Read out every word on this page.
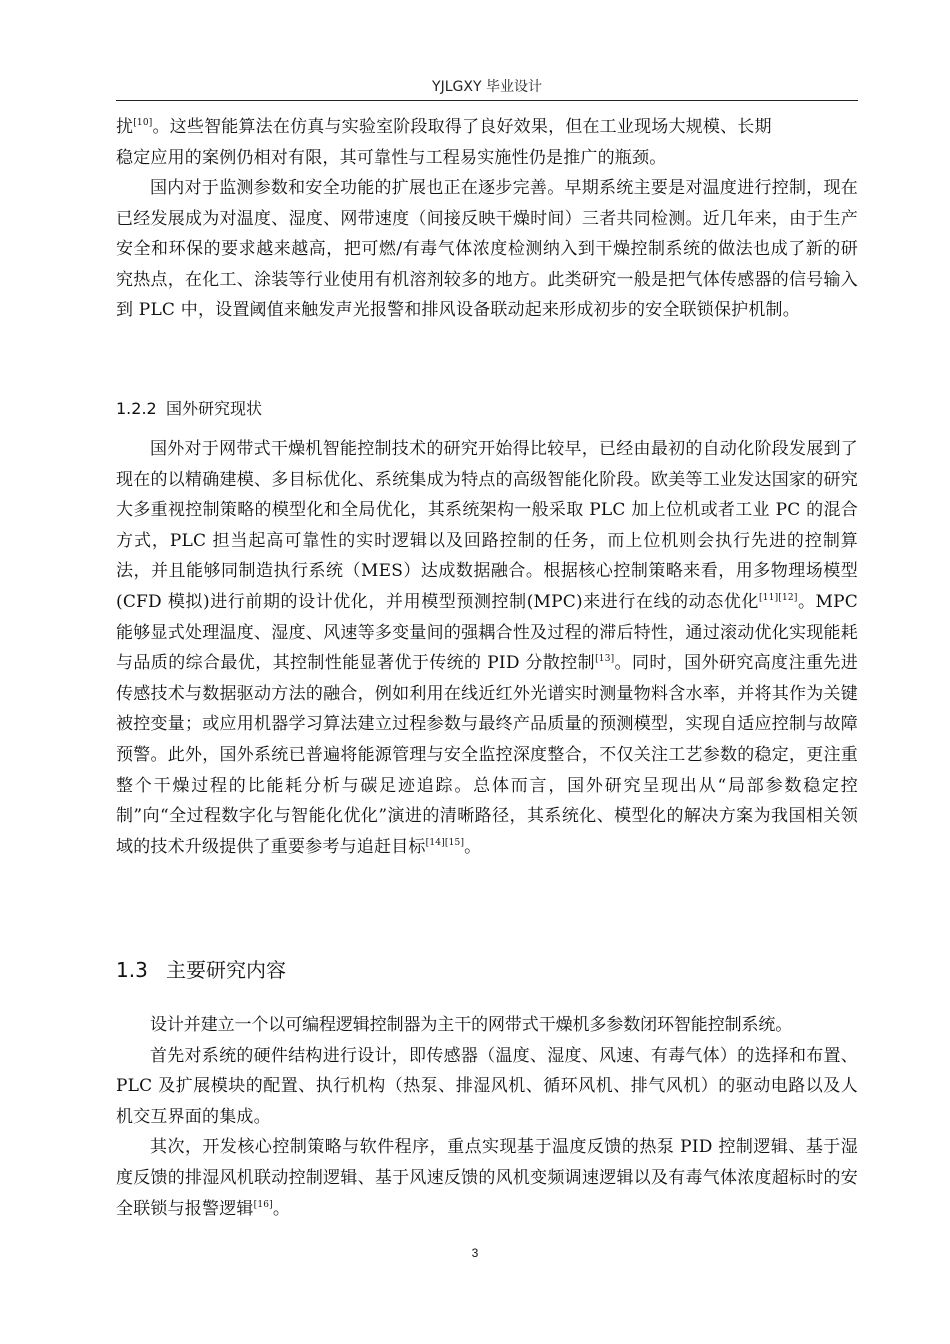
YJLGXY 毕业设计

扰[10]。这些智能算法在仿真与实验室阶段取得了良好效果，但在工业现场大规模、长期

稳定应用的案例仍相对有限，其可靠性与工程易实施性仍是推广的瓶颈。

国内对于监测参数和安全功能的扩展也正在逐步完善。早期系统主要是对温度进行控制，现在已经发展成为对温度、湿度、网带速度（间接反映干燥时间）三者共同检测。近几年来，由于生产安全和环保的要求越来越高，把可燃/有毒气体浓度检测纳入到干燥控制系统的做法也成了新的研究热点，在化工、涂装等行业使用有机溶剂较多的地方。此类研究一般是把气体传感器的信号输入到 PLC 中，设置阈值来触发声光报警和排风设备联动起来形成初步的安全联锁保护机制。

1.2.2 国外研究现状

国外对于网带式干燥机智能控制技术的研究开始得比较早，已经由最初的自动化阶段发展到了现在的以精确建模、多目标优化、系统集成为特点的高级智能化阶段。欧美等工业发达国家的研究大多重视控制策略的模型化和全局优化，其系统架构一般采取 PLC 加上位机或者工业 PC 的混合方式，PLC 担当起高可靠性的实时逻辑以及回路控制的任务，而上位机则会执行先进的控制算法，并且能够同制造执行系统（MES）达成数据融合。根据核心控制策略来看，用多物理场模型(CFD 模拟)进行前期的设计优化，并用模型预测控制(MPC)来进行在线的动态优化[11][12]。MPC 能够显式处理温度、湿度、风速等多变量间的强耦合性及过程的滞后特性，通过滚动优化实现能耗与品质的综合最优，其控制性能显著优于传统的 PID 分散控制[13]。同时，国外研究高度注重先进传感技术与数据驱动方法的融合，例如利用在线近红外光谱实时测量物料含水率，并将其作为关键被控变量；或应用机器学习算法建立过程参数与最终产品质量的预测模型，实现自适应控制与故障预警。此外，国外系统已普遍将能源管理与安全监控深度整合，不仅关注工艺参数的稳定，更注重整个干燥过程的比能耗分析与碳足迹追踪。总体而言，国外研究呈现出从“局部参数稳定控制”向“全过程数字化与智能化优化”演进的清晰路径，其系统化、模型化的解决方案为我国相关领域的技术升级提供了重要参考与追赶目标[14][15]。

1.3 主要研究内容

设计并建立一个以可编程逻辑控制器为主干的网带式干燥机多参数闭环智能控制系统。

首先对系统的硬件结构进行设计，即传感器（温度、湿度、风速、有毒气体）的选择和布置、PLC 及扩展模块的配置、执行机构（热泵、排湿风机、循环风机、排气风机）的驱动电路以及人机交互界面的集成。

其次，开发核心控制策略与软件程序，重点实现基于温度反馈的热泵 PID 控制逻辑、基于湿度反馈的排湿风机联动控制逻辑、基于风速反馈的风机变频调速逻辑以及有毒气体浓度超标时的安全联锁与报警逻辑[16]。

3
